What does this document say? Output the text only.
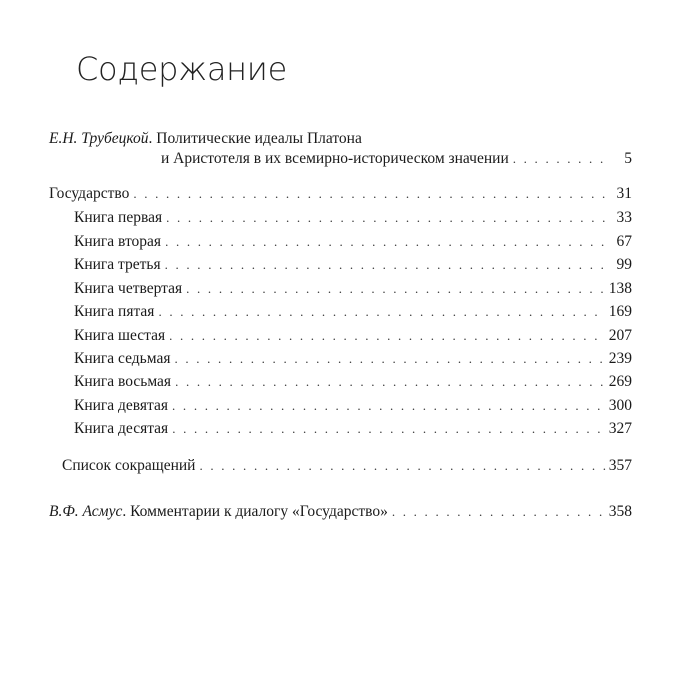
Содержание
Е.Н. Трубецкой. Политические идеалы Платона
и Аристотеля в их всемирно-историческом значении . . .	5
Государство . . .	31
Книга первая . . .	33
Книга вторая . . .	67
Книга третья . . .	99
Книга четвертая . . .	138
Книга пятая . . .	169
Книга шестая . . .	207
Книга седьмая . . .	239
Книга восьмая . . .	269
Книга девятая . . .	300
Книга десятая . . .	327
Список сокращений . . .	357
В.Ф. Асмус. Комментарии к диалогу «Государство» . . .	358
